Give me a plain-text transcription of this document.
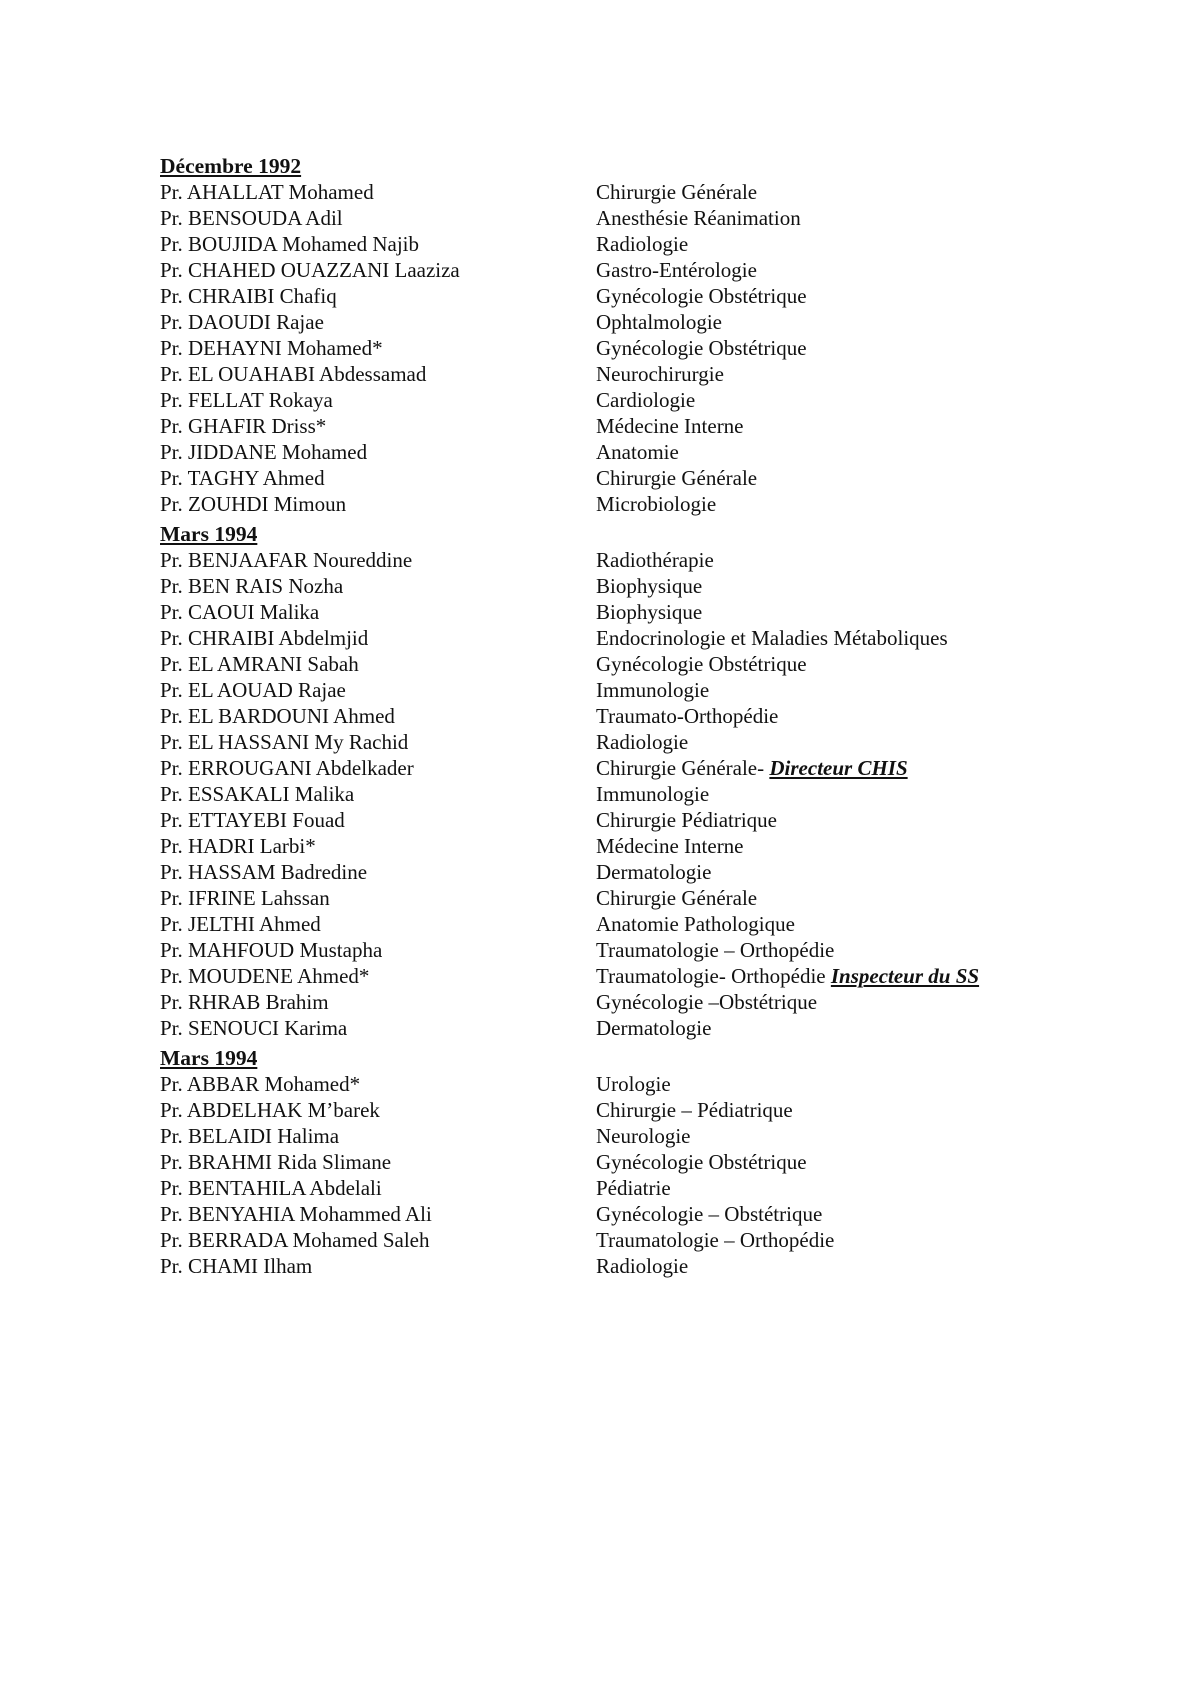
Décembre 1992
Pr. AHALLAT Mohamed	Chirurgie Générale
Pr. BENSOUDA Adil	Anesthésie Réanimation
Pr. BOUJIDA Mohamed Najib	Radiologie
Pr. CHAHED OUAZZANI Laaziza	Gastro-Entérologie
Pr. CHRAIBI Chafiq	Gynécologie Obstétrique
Pr. DAOUDI Rajae	Ophtalmologie
Pr. DEHAYNI Mohamed*	Gynécologie Obstétrique
Pr. EL OUAHABI Abdessamad	Neurochirurgie
Pr. FELLAT Rokaya	Cardiologie
Pr. GHAFIR Driss*	Médecine Interne
Pr. JIDDANE Mohamed	Anatomie
Pr. TAGHY Ahmed	Chirurgie Générale
Pr. ZOUHDI Mimoun	Microbiologie
Mars 1994
Pr. BENJAAFAR Noureddine	Radiothérapie
Pr. BEN RAIS Nozha	Biophysique
Pr. CAOUI Malika	Biophysique
Pr. CHRAIBI Abdelmjid	Endocrinologie et Maladies Métaboliques
Pr. EL AMRANI Sabah	Gynécologie Obstétrique
Pr. EL AOUAD Rajae	Immunologie
Pr. EL BARDOUNI Ahmed	Traumato-Orthopédie
Pr. EL HASSANI My Rachid	Radiologie
Pr. ERROUGANI Abdelkader	Chirurgie Générale- Directeur CHIS
Pr. ESSAKALI Malika	Immunologie
Pr. ETTAYEBI Fouad	Chirurgie Pédiatrique
Pr. HADRI Larbi*	Médecine Interne
Pr. HASSAM Badredine	Dermatologie
Pr. IFRINE Lahssan	Chirurgie Générale
Pr. JELTHI Ahmed	Anatomie Pathologique
Pr. MAHFOUD Mustapha	Traumatologie – Orthopédie
Pr. MOUDENE Ahmed*	Traumatologie- Orthopédie Inspecteur du SS
Pr. RHRAB Brahim	Gynécologie –Obstétrique
Pr. SENOUCI Karima	Dermatologie
Mars 1994
Pr. ABBAR Mohamed*	Urologie
Pr. ABDELHAK M’barek	Chirurgie – Pédiatrique
Pr. BELAIDI Halima	Neurologie
Pr. BRAHMI Rida Slimane	Gynécologie Obstétrique
Pr. BENTAHILA Abdelali	Pédiatrie
Pr. BENYAHIA Mohammed Ali	Gynécologie – Obstétrique
Pr. BERRADA Mohamed Saleh	Traumatologie – Orthopédie
Pr. CHAMI Ilham	Radiologie
